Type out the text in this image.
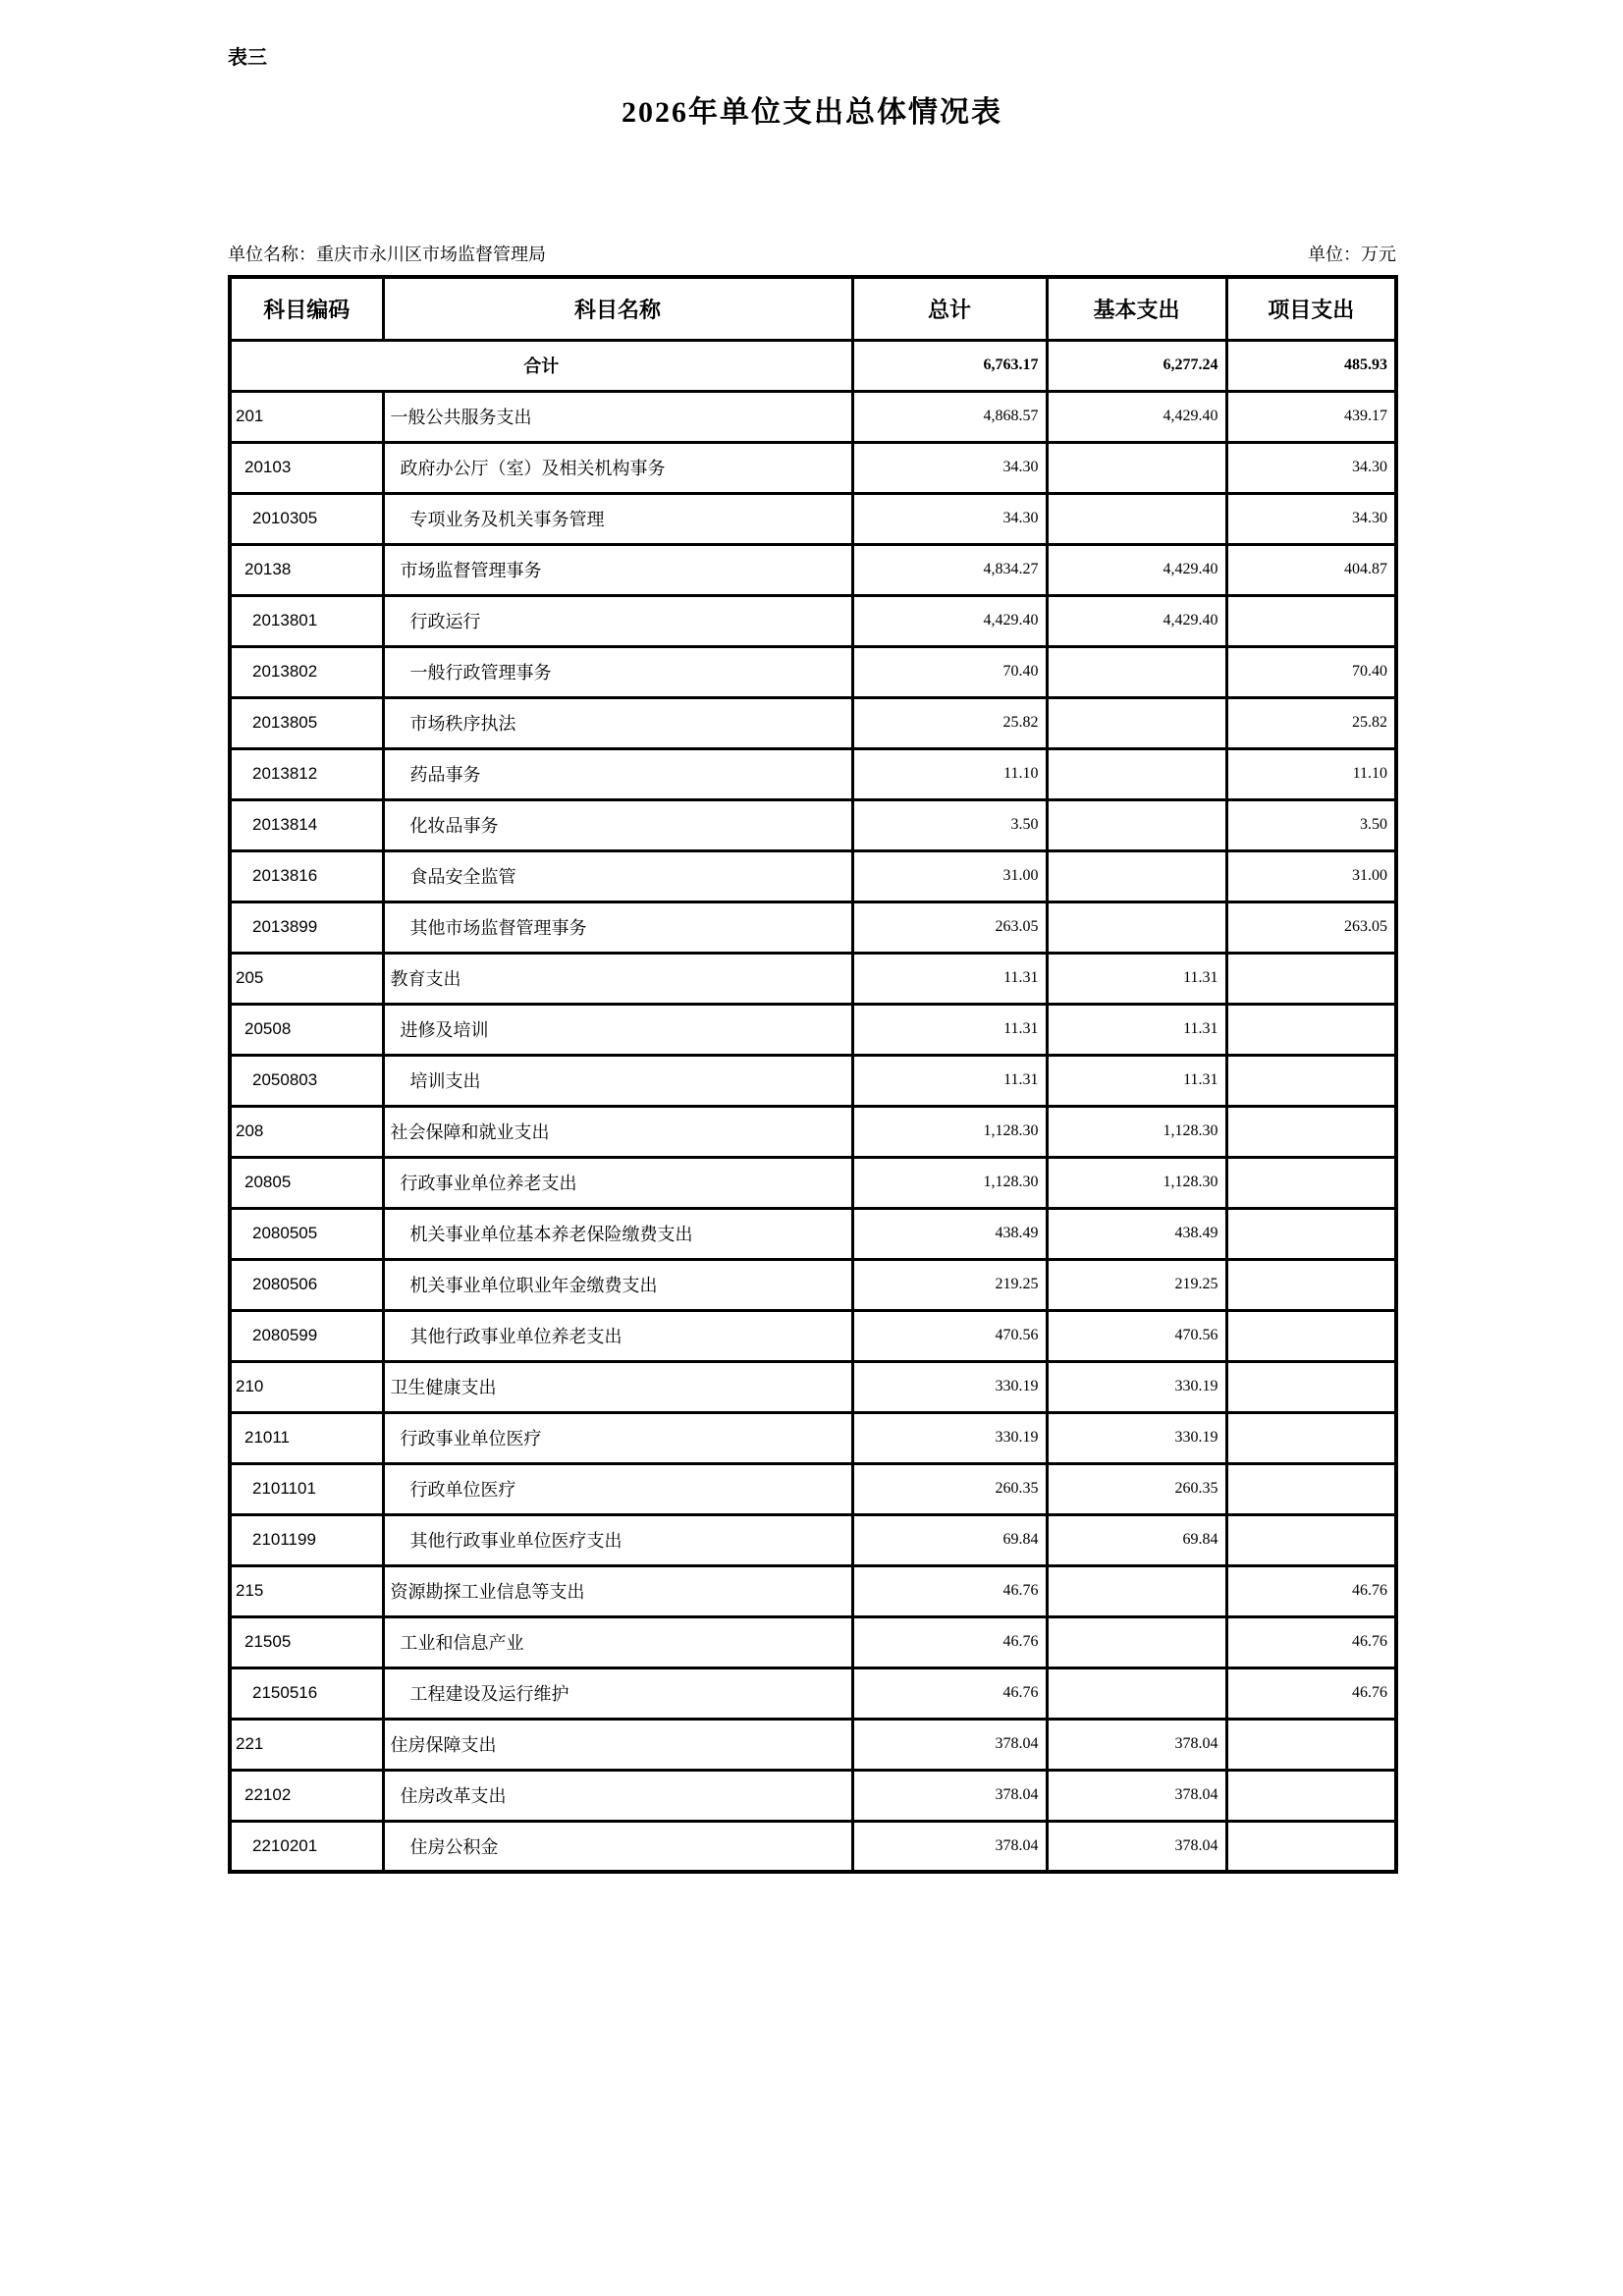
表三
2026年单位支出总体情况表
单位名称：重庆市永川区市场监督管理局	单位：万元
科目编码	科目名称	总计	基本支出	项目支出
合计		6,763.17	6,277.24	485.93
201	一般公共服务支出	4,868.57	4,429.40	439.17
20103	政府办公厅（室）及相关机构事务	34.30		34.30
2010305	专项业务及机关事务管理	34.30		34.30
20138	市场监督管理事务	4,834.27	4,429.40	404.87
2013801	行政运行	4,429.40	4,429.40	
2013802	一般行政管理事务	70.40		70.40
2013805	市场秩序执法	25.82		25.82
2013812	药品事务	11.10		11.10
2013814	化妆品事务	3.50		3.50
2013816	食品安全监管	31.00		31.00
2013899	其他市场监督管理事务	263.05		263.05
205	教育支出	11.31	11.31	
20508	进修及培训	11.31	11.31	
2050803	培训支出	11.31	11.31	
208	社会保障和就业支出	1,128.30	1,128.30	
20805	行政事业单位养老支出	1,128.30	1,128.30	
2080505	机关事业单位基本养老保险缴费支出	438.49	438.49	
2080506	机关事业单位职业年金缴费支出	219.25	219.25	
2080599	其他行政事业单位养老支出	470.56	470.56	
210	卫生健康支出	330.19	330.19	
21011	行政事业单位医疗	330.19	330.19	
2101101	行政单位医疗	260.35	260.35	
2101199	其他行政事业单位医疗支出	69.84	69.84	
215	资源勘探工业信息等支出	46.76		46.76
21505	工业和信息产业	46.76		46.76
2150516	工程建设及运行维护	46.76		46.76
221	住房保障支出	378.04	378.04	
22102	住房改革支出	378.04	378.04	
2210201	住房公积金	378.04	378.04	
